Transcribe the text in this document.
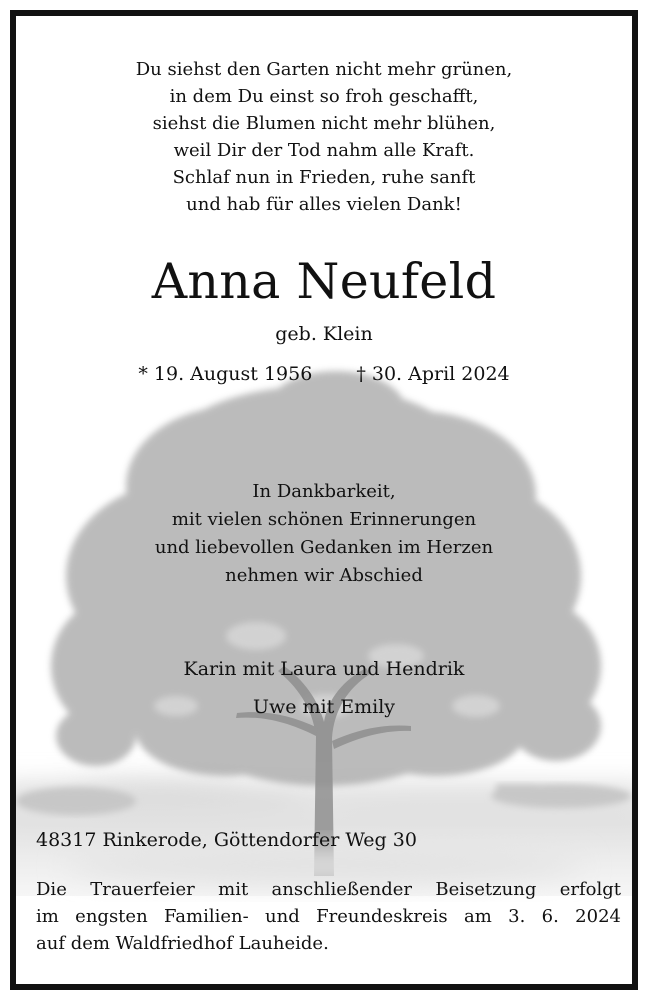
Du siehst den Garten nicht mehr grünen,
in dem Du einst so froh geschafft,
siehst die Blumen nicht mehr blühen,
weil Dir der Tod nahm alle Kraft.
Schlaf nun in Frieden, ruhe sanft
und hab für alles vielen Dank!
Anna Neufeld
geb. Klein
* 19. August 1956 † 30. April 2024
In Dankbarkeit,
mit vielen schönen Erinnerungen
und liebevollen Gedanken im Herzen
nehmen wir Abschied
Karin mit Laura und Hendrik
Uwe mit Emily
48317 Rinkerode, Göttendorfer Weg 30
Die Trauerfeier mit anschließender Beisetzung erfolgt
im engsten Familien- und Freundeskreis am 3. 6. 2024
auf dem Waldfriedhof Lauheide.
